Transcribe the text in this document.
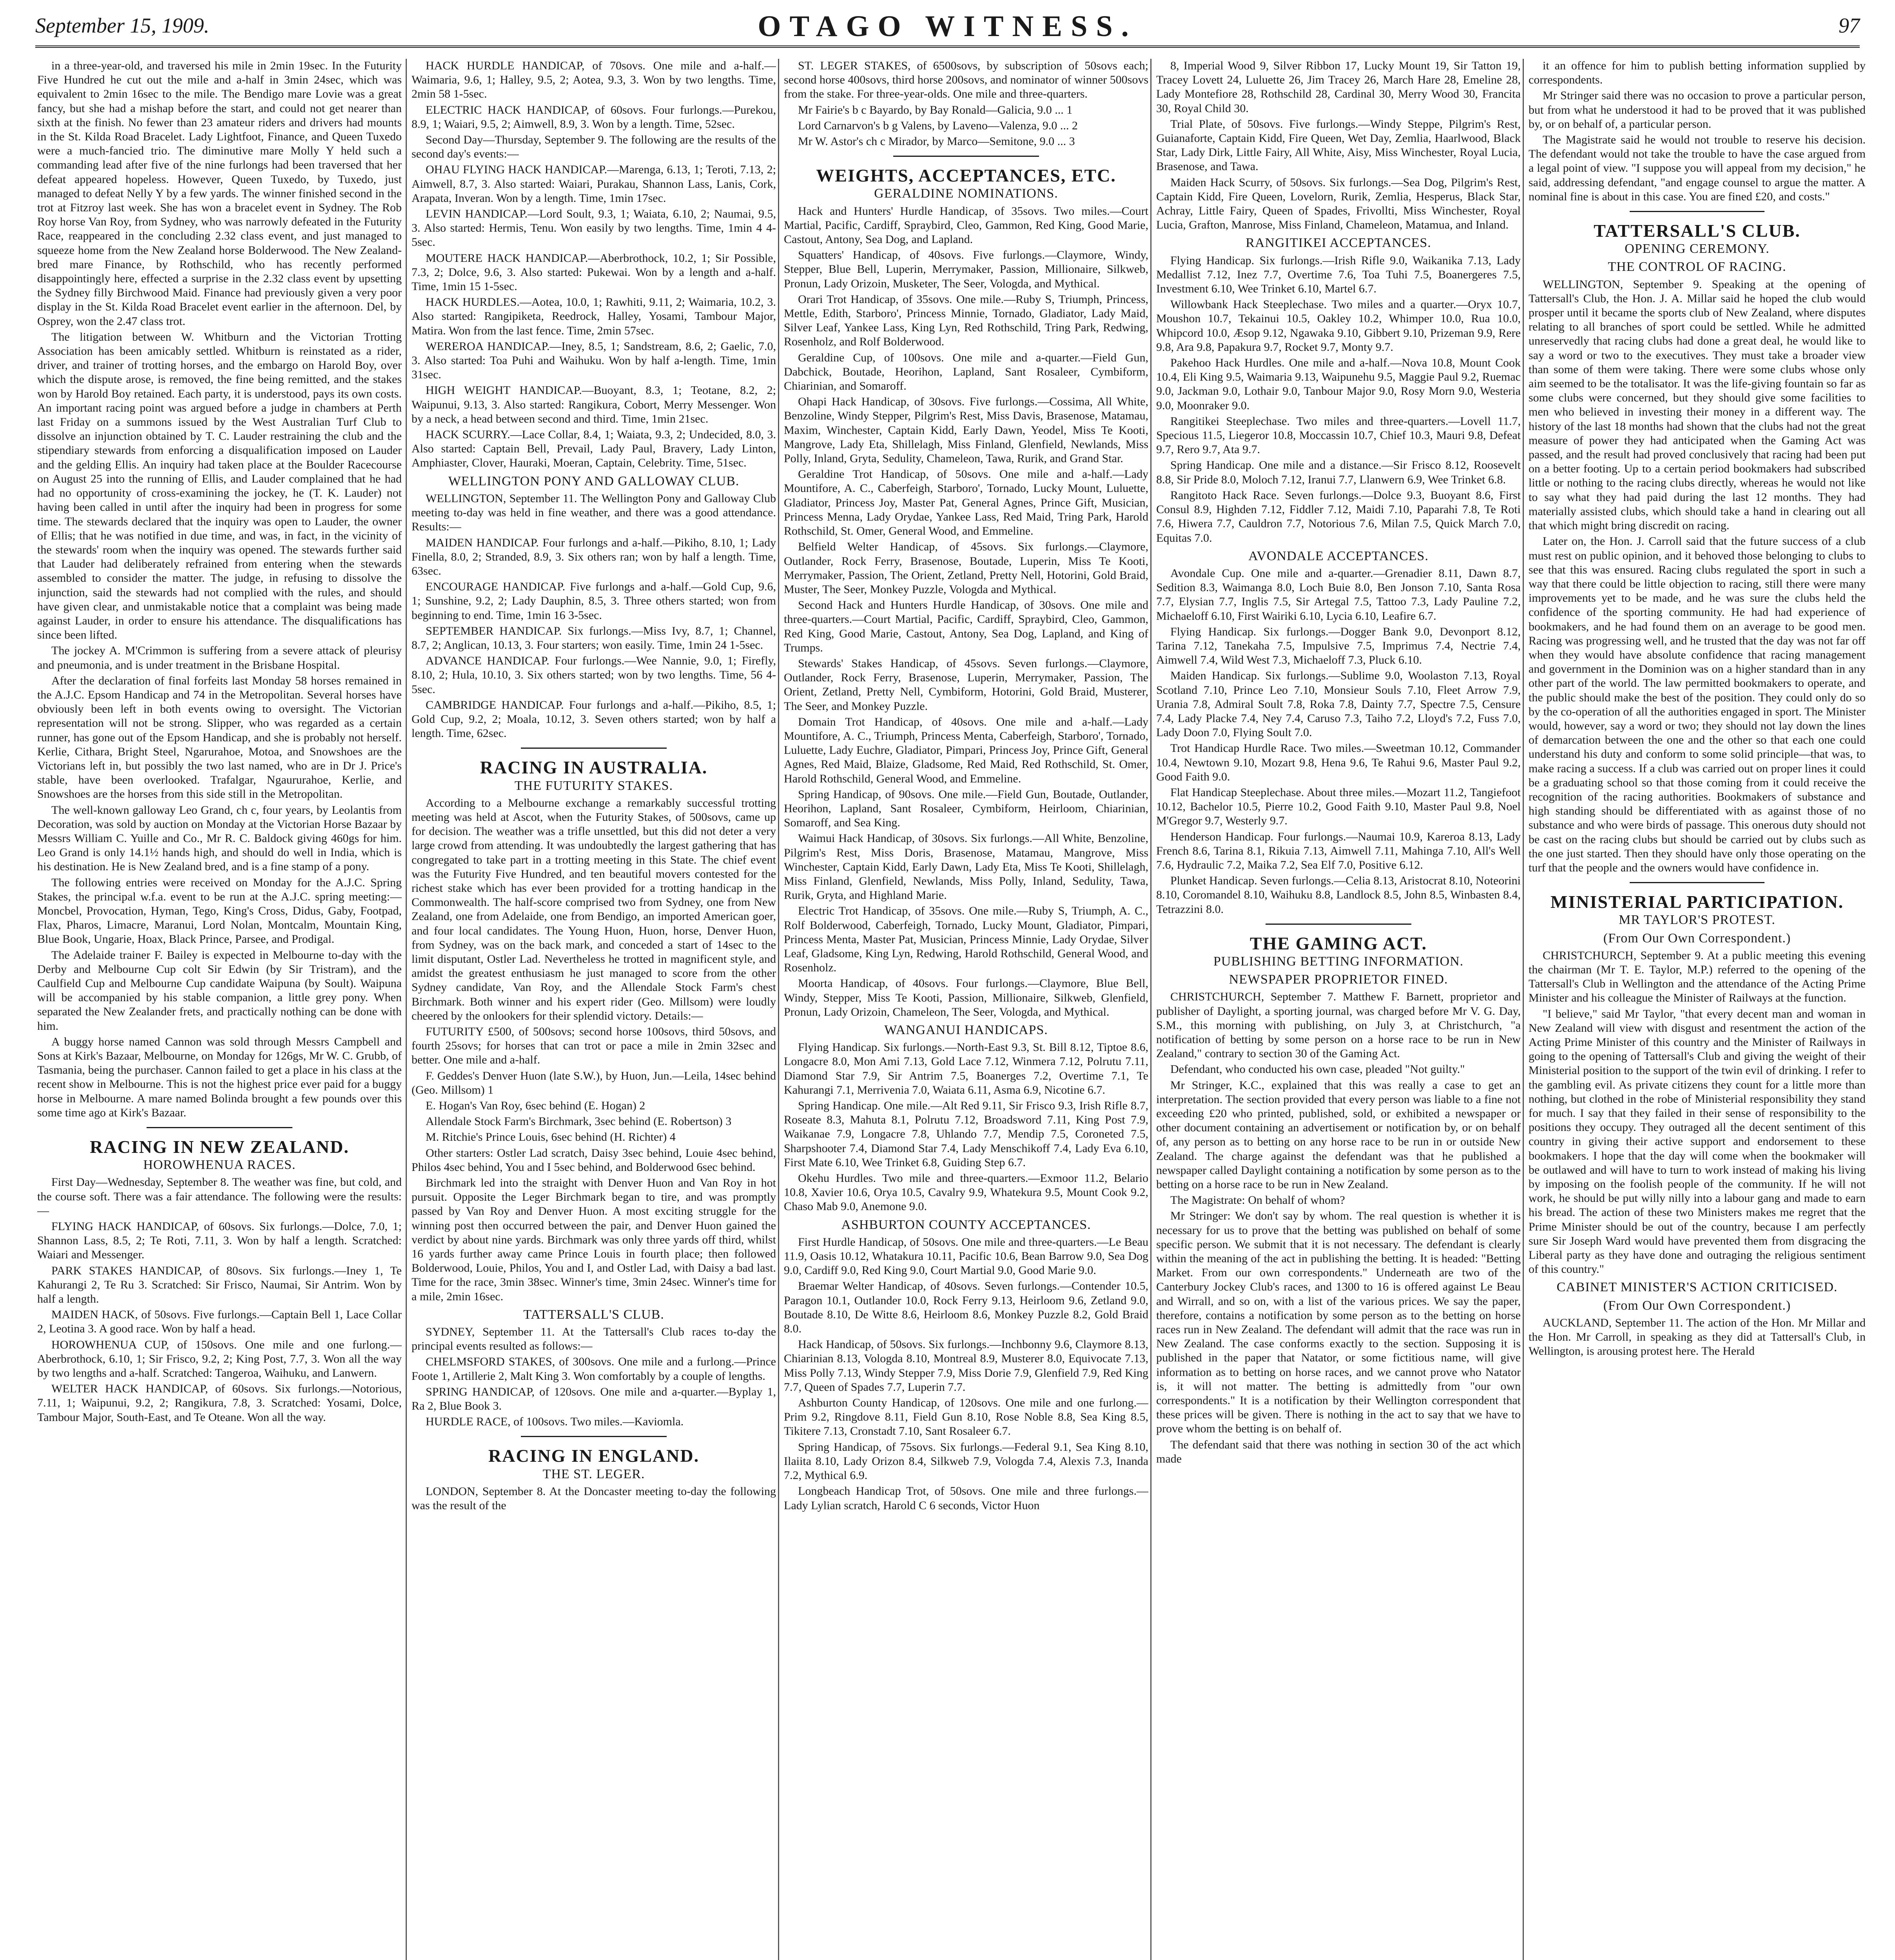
September 15, 1909.	OTAGO WITNESS.	97

in a three-year-old, and traversed his mile in 2min 19sec. In the Futurity Five Hundred he cut out the mile and a-half in 3min 24sec, which was equivalent to 2min 16sec to the mile. The Bendigo mare Lovie was a great fancy, but she had a mishap before the start, and could not get nearer than sixth at the finish. No fewer than 23 amateur riders and drivers had mounts in the St. Kilda Road Bracelet. Lady Lightfoot, Finance, and Queen Tuxedo were a much-fancied trio. The diminutive mare Molly Y held such a commanding lead after five of the nine furlongs had been traversed that her defeat appeared hopeless. However, Queen Tuxedo, by Tuxedo, just managed to defeat Nelly Y by a few yards. The winner finished second in the trot at Fitzroy last week. She has won a bracelet event in Sydney. The Rob Roy horse Van Roy, from Sydney, who was narrowly defeated in the Futurity Race, reappeared in the concluding 2.32 class event, and just managed to squeeze home from the New Zealand horse Bolderwood. The New Zealand-bred mare Finance, by Rothschild, who has recently performed disappointingly here, effected a surprise in the 2.32 class event by upsetting the Sydney filly Birchwood Maid. Finance had previously given a very poor display in the St. Kilda Road Bracelet event earlier in the afternoon. Del, by Osprey, won the 2.47 class trot.

The litigation between W. Whitburn and the Victorian Trotting Association has been amicably settled. Whitburn is reinstated as a rider, driver, and trainer of trotting horses, and the embargo on Harold Boy, over which the dispute arose, is removed, the fine being remitted, and the stakes won by Harold Boy retained. Each party, it is understood, pays its own costs. An important racing point was argued before a judge in chambers at Perth last Friday on a summons issued by the West Australian Turf Club to dissolve an injunction obtained by T. C. Lauder restraining the club and the stipendiary stewards from enforcing a disqualification imposed on Lauder and the gelding Ellis. An inquiry had taken place at the Boulder Racecourse on August 25 into the running of Ellis, and Lauder complained that he had had no opportunity of cross-examining the jockey, he (T. K. Lauder) not having been called in until after the inquiry had been in progress for some time. The stewards declared that the inquiry was open to Lauder, the owner of Ellis; that he was notified in due time, and was, in fact, in the vicinity of the stewards' room when the inquiry was opened. The stewards further said that Lauder had deliberately refrained from entering when the stewards assembled to consider the matter. The judge, in refusing to dissolve the injunction, said the stewards had not complied with the rules, and should have given clear, and unmistakable notice that a complaint was being made against Lauder, in order to ensure his attendance. The disqualifications has since been lifted.

The jockey A. M'Crimmon is suffering from a severe attack of pleurisy and pneumonia, and is under treatment in the Brisbane Hospital.

After the declaration of final forfeits last Monday 58 horses remained in the A.J.C. Epsom Handicap and 74 in the Metropolitan. Several horses have obviously been left in both events owing to oversight. The Victorian representation will not be strong. Slipper, who was regarded as a certain runner, has gone out of the Epsom Handicap, and she is probably not herself. Kerlie, Cithara, Bright Steel, Ngarurahoe, Motoa, and Snowshoes are the Victorians left in, but possibly the two last named, who are in Dr J. Price's stable, have been overlooked. Trafalgar, Ngaururahoe, Kerlie, and Snowshoes are the horses from this side still in the Metropolitan.

The well-known galloway Leo Grand, ch c, four years, by Leolantis from Decoration, was sold by auction on Monday at the Victorian Horse Bazaar by Messrs William C. Yuille and Co., Mr R. C. Baldock giving 460gs for him. Leo Grand is only 14.1½ hands high, and should do well in India, which is his destination. He is New Zealand bred, and is a fine stamp of a pony.

The following entries were received on Monday for the A.J.C. Spring Stakes, the principal w.f.a. event to be run at the A.J.C. spring meeting:—Moncbel, Provocation, Hyman, Tego, King's Cross, Didus, Gaby, Footpad, Flax, Pharos, Limacre, Maranui, Lord Nolan, Montcalm, Mountain King, Blue Book, Ungarie, Hoax, Black Prince, Parsee, and Prodigal.

The Adelaide trainer F. Bailey is expected in Melbourne to-day with the Derby and Melbourne Cup colt Sir Edwin (by Sir Tristram), and the Caulfield Cup and Melbourne Cup candidate Waipuna (by Soult). Waipuna will be accompanied by his stable companion, a little grey pony. When separated the New Zealander frets, and practically nothing can be done with him.

A buggy horse named Cannon was sold through Messrs Campbell and Sons at Kirk's Bazaar, Melbourne, on Monday for 126gs, Mr W. C. Grubb, of Tasmania, being the purchaser. Cannon failed to get a place in his class at the recent show in Melbourne. This is not the highest price ever paid for a buggy horse in Melbourne. A mare named Bolinda brought a few pounds over this some time ago at Kirk's Bazaar.

RACING IN NEW ZEALAND.
HOROWHENUA RACES.

First Day—Wednesday, September 8. The weather was fine, but cold, and the course soft. There was a fair attendance. The following were the results:—

FLYING HACK HANDICAP, of 60sovs. Six furlongs.—Dolce, 7.0, 1; Shannon Lass, 8.5, 2; Te Roti, 7.11, 3. Won by half a length. Scratched: Waiari and Messenger.

PARK STAKES HANDICAP, of 80sovs. Six furlongs.—Iney 1, Te Kahurangi 2, Te Ru 3. Scratched: Sir Frisco, Naumai, Sir Antrim. Won by half a length.

MAIDEN HACK, of 50sovs. Five furlongs.—Captain Bell 1, Lace Collar 2, Leotina 3. A good race. Won by half a head.

HOROWHENUA CUP, of 150sovs. One mile and one furlong.—Aberbrothock, 6.10, 1; Sir Frisco, 9.2, 2; King Post, 7.7, 3. Won all the way by two lengths and a-half. Scratched: Tangeroa, Waihuku, and Lanwern.

WELTER HACK HANDICAP, of 60sovs. Six furlongs.—Notorious, 7.11, 1; Waipunui, 9.2, 2; Rangikura, 7.8, 3. Scratched: Yosami, Dolce, Tambour Major, South-East, and Te Oteane. Won all the way.

HACK HURDLE HANDICAP, of 70sovs. One mile and a-half.—Waimaria, 9.6, 1; Halley, 9.5, 2; Aotea, 9.3, 3. Won by two lengths. Time, 2min 58 1-5sec.

ELECTRIC HACK HANDICAP, of 60sovs. Four furlongs.—Purekou, 8.9, 1; Waiari, 9.5, 2; Aimwell, 8.9, 3. Won by a length. Time, 52sec.

Second Day—Thursday, September 9. The following are the results of the second day's events:—

OHAU FLYING HACK HANDICAP.—Marenga, 6.13, 1; Teroti, 7.13, 2; Aimwell, 8.7, 3. Also started: Waiari, Purakau, Shannon Lass, Lanis, Cork, Arapata, Inveran. Won by a length. Time, 1min 17sec.

LEVIN HANDICAP.—Lord Soult, 9.3, 1; Waiata, 6.10, 2; Naumai, 9.5, 3. Also started: Hermis, Tenu. Won easily by two lengths. Time, 1min 4 4-5sec.

MOUTERE HACK HANDICAP.—Aberbrothock, 10.2, 1; Sir Possible, 7.3, 2; Dolce, 9.6, 3. Also started: Pukewai. Won by a length and a-half. Time, 1min 15 1-5sec.

HACK HURDLES.—Aotea, 10.0, 1; Rawhiti, 9.11, 2; Waimaria, 10.2, 3. Also started: Rangipiketa, Reedrock, Halley, Yosami, Tambour Major, Matira. Won from the last fence. Time, 2min 57sec.

WEREROA HANDICAP.—Iney, 8.5, 1; Sandstream, 8.6, 2; Gaelic, 7.0, 3. Also started: Toa Puhi and Waihuku. Won by half a-length. Time, 1min 31sec.

HIGH WEIGHT HANDICAP.—Buoyant, 8.3, 1; Teotane, 8.2, 2; Waipunui, 9.13, 3. Also started: Rangikura, Cobort, Merry Messenger. Won by a neck, a head between second and third. Time, 1min 21sec.

HACK SCURRY.—Lace Collar, 8.4, 1; Waiata, 9.3, 2; Undecided, 8.0, 3. Also started: Captain Bell, Prevail, Lady Paul, Bravery, Lady Linton, Amphiaster, Clover, Hauraki, Moeran, Captain, Celebrity. Time, 51sec.

WELLINGTON PONY AND GALLOWAY CLUB.

WELLINGTON, September 11. The Wellington Pony and Galloway Club meeting to-day was held in fine weather, and there was a good attendance. Results:—

MAIDEN HANDICAP. Four furlongs and a-half.—Pikiho, 8.10, 1; Lady Finella, 8.0, 2; Stranded, 8.9, 3. Six others ran; won by half a length. Time, 63sec.

ENCOURAGE HANDICAP. Five furlongs and a-half.—Gold Cup, 9.6, 1; Sunshine, 9.2, 2; Lady Dauphin, 8.5, 3. Three others started; won from beginning to end. Time, 1min 16 3-5sec.

SEPTEMBER HANDICAP. Six furlongs.—Miss Ivy, 8.7, 1; Channel, 8.7, 2; Anglican, 10.13, 3. Four starters; won easily. Time, 1min 24 1-5sec.

ADVANCE HANDICAP. Four furlongs.—Wee Nannie, 9.0, 1; Firefly, 8.10, 2; Hula, 10.10, 3. Six others started; won by two lengths. Time, 56 4-5sec.

CAMBRIDGE HANDICAP. Four furlongs and a-half.—Pikiho, 8.5, 1; Gold Cup, 9.2, 2; Moala, 10.12, 3. Seven others started; won by half a length. Time, 62sec.

RACING IN AUSTRALIA.
THE FUTURITY STAKES.

According to a Melbourne exchange a remarkably successful trotting meeting was held at Ascot, when the Futurity Stakes, of 500sovs, came up for decision. The weather was a trifle unsettled, but this did not deter a very large crowd from attending. It was undoubtedly the largest gathering that has congregated to take part in a trotting meeting in this State. The chief event was the Futurity Five Hundred, and ten beautiful movers contested for the richest stake which has ever been provided for a trotting handicap in the Commonwealth. The half-score comprised two from Sydney, one from New Zealand, one from Adelaide, one from Bendigo, an imported American goer, and four local candidates. The Young Huon, Huon, horse, Denver Huon, from Sydney, was on the back mark, and conceded a start of 14sec to the limit disputant, Ostler Lad. Nevertheless he trotted in magnificent style, and amidst the greatest enthusiasm he just managed to score from the other Sydney candidate, Van Roy, and the Allendale Stock Farm's chest Birchmark. Both winner and his expert rider (Geo. Millsom) were loudly cheered by the onlookers for their splendid victory. Details:—

FUTURITY £500, of 500sovs; second horse 100sovs, third 50sovs, and fourth 25sovs; for horses that can trot or pace a mile in 2min 32sec and better. One mile and a-half.

F. Geddes's Denver Huon (late S.W.), by Huon, Jun.—Leila, 14sec behind (Geo. Millsom) 1

E. Hogan's Van Roy, 6sec behind (E. Hogan) 2

Allendale Stock Farm's Birchmark, 3sec behind (E. Robertson) 3

M. Ritchie's Prince Louis, 6sec behind (H. Richter) 4

Other starters: Ostler Lad scratch, Daisy 3sec behind, Louie 4sec behind, Philos 4sec behind, You and I 5sec behind, and Bolderwood 6sec behind.

Birchmark led into the straight with Denver Huon and Van Roy in hot pursuit. Opposite the Leger Birchmark began to tire, and was promptly passed by Van Roy and Denver Huon. A most exciting struggle for the winning post then occurred between the pair, and Denver Huon gained the verdict by about nine yards. Birchmark was only three yards off third, whilst 16 yards further away came Prince Louis in fourth place; then followed Bolderwood, Louie, Philos, You and I, and Ostler Lad, with Daisy a bad last. Time for the race, 3min 38sec. Winner's time, 3min 24sec. Winner's time for a mile, 2min 16sec.

TATTERSALL'S CLUB.

SYDNEY, September 11. At the Tattersall's Club races to-day the principal events resulted as follows:—

CHELMSFORD STAKES, of 300sovs. One mile and a furlong.—Prince Foote 1, Artillerie 2, Malt King 3. Won comfortably by a couple of lengths.

SPRING HANDICAP, of 120sovs. One mile and a-quarter.—Byplay 1, Ra 2, Blue Book 3.

HURDLE RACE, of 100sovs. Two miles.—Kaviomla.

RACING IN ENGLAND.
THE ST. LEGER.

LONDON, September 8. At the Doncaster meeting to-day the following was the result of the

ST. LEGER STAKES, of 6500sovs, by subscription of 50sovs each; second horse 400sovs, third horse 200sovs, and nominator of winner 500sovs from the stake. For three-year-olds. One mile and three-quarters.

Mr Fairie's b c Bayardo, by Bay Ronald—Galicia, 9.0 ... 1

Lord Carnarvon's b g Valens, by Laveno—Valenza, 9.0 ... 2

Mr W. Astor's ch c Mirador, by Marco—Semitone, 9.0 ... 3

WEIGHTS, ACCEPTANCES, ETC.
GERALDINE NOMINATIONS.

Hack and Hunters' Hurdle Handicap, of 35sovs. Two miles.—Court Martial, Pacific, Cardiff, Spraybird, Cleo, Gammon, Red King, Good Marie, Castout, Antony, Sea Dog, and Lapland.

Squatters' Handicap, of 40sovs. Five furlongs.—Claymore, Windy, Stepper, Blue Bell, Luperin, Merrymaker, Passion, Millionaire, Silkweb, Pronun, Lady Orizoin, Musketer, The Seer, Vologda, and Mythical.

Orari Trot Handicap, of 35sovs. One mile.—Ruby S, Triumph, Princess, Mettle, Edith, Starboro', Princess Minnie, Tornado, Gladiator, Lady Maid, Silver Leaf, Yankee Lass, King Lyn, Red Rothschild, Tring Park, Redwing, Rosenholz, and Rolf Bolderwood.

Geraldine Cup, of 100sovs. One mile and a-quarter.—Field Gun, Dabchick, Boutade, Heorihon, Lapland, Sant Rosaleer, Cymbiform, Chiarinian, and Somaroff.

Ohapi Hack Handicap, of 30sovs. Five furlongs.—Cossima, All White, Benzoline, Windy Stepper, Pilgrim's Rest, Miss Davis, Brasenose, Matamau, Maxim, Winchester, Captain Kidd, Early Dawn, Yeodel, Miss Te Kooti, Mangrove, Lady Eta, Shillelagh, Miss Finland, Glenfield, Newlands, Miss Polly, Inland, Gryta, Sedulity, Chameleon, Tawa, Rurik, and Grand Star.

Geraldine Trot Handicap, of 50sovs. One mile and a-half.—Lady Mountifore, A. C., Caberfeigh, Starboro', Tornado, Lucky Mount, Luluette, Gladiator, Princess Joy, Master Pat, General Agnes, Prince Gift, Musician, Princess Menna, Lady Orydae, Yankee Lass, Red Maid, Tring Park, Harold Rothschild, St. Omer, General Wood, and Emmeline.

Belfield Welter Handicap, of 45sovs. Six furlongs.—Claymore, Outlander, Rock Ferry, Brasenose, Boutade, Luperin, Miss Te Kooti, Merrymaker, Passion, The Orient, Zetland, Pretty Nell, Hotorini, Gold Braid, Muster, The Seer, Monkey Puzzle, Vologda and Mythical.

Second Hack and Hunters Hurdle Handicap, of 30sovs. One mile and three-quarters.—Court Martial, Pacific, Cardiff, Spraybird, Cleo, Gammon, Red King, Good Marie, Castout, Antony, Sea Dog, Lapland, and King of Trumps.

Stewards' Stakes Handicap, of 45sovs. Seven furlongs.—Claymore, Outlander, Rock Ferry, Brasenose, Luperin, Merrymaker, Passion, The Orient, Zetland, Pretty Nell, Cymbiform, Hotorini, Gold Braid, Musterer, The Seer, and Monkey Puzzle.

Domain Trot Handicap, of 40sovs. One mile and a-half.—Lady Mountifore, A. C., Triumph, Princess Menta, Caberfeigh, Starboro', Tornado, Luluette, Lady Euchre, Gladiator, Pimpari, Princess Joy, Prince Gift, General Agnes, Red Maid, Blaize, Gladsome, Red Maid, Red Rothschild, St. Omer, Harold Rothschild, General Wood, and Emmeline.

Spring Handicap, of 90sovs. One mile.—Field Gun, Boutade, Outlander, Heorihon, Lapland, Sant Rosaleer, Cymbiform, Heirloom, Chiarinian, Somaroff, and Sea King.

Waimui Hack Handicap, of 30sovs. Six furlongs.—All White, Benzoline, Pilgrim's Rest, Miss Doris, Brasenose, Matamau, Mangrove, Miss Winchester, Captain Kidd, Early Dawn, Lady Eta, Miss Te Kooti, Shillelagh, Miss Finland, Glenfield, Newlands, Miss Polly, Inland, Sedulity, Tawa, Rurik, Gryta, and Highland Marie.

Electric Trot Handicap, of 35sovs. One mile.—Ruby S, Triumph, A. C., Rolf Bolderwood, Caberfeigh, Tornado, Lucky Mount, Gladiator, Pimpari, Princess Menta, Master Pat, Musician, Princess Minnie, Lady Orydae, Silver Leaf, Gladsome, King Lyn, Redwing, Harold Rothschild, General Wood, and Rosenholz.

Moorta Handicap, of 40sovs. Four furlongs.—Claymore, Blue Bell, Windy, Stepper, Miss Te Kooti, Passion, Millionaire, Silkweb, Glenfield, Pronun, Lady Orizoin, Chameleon, The Seer, Vologda, and Mythical.

WANGANUI HANDICAPS.

Flying Handicap. Six furlongs.—North-East 9.3, St. Bill 8.12, Tiptoe 8.6, Longacre 8.0, Mon Ami 7.13, Gold Lace 7.12, Winmera 7.12, Polrutu 7.11, Diamond Star 7.9, Sir Antrim 7.5, Boanerges 7.2, Overtime 7.1, Te Kahurangi 7.1, Merrivenia 7.0, Waiata 6.11, Asma 6.9, Nicotine 6.7.

Spring Handicap. One mile.—Alt Red 9.11, Sir Frisco 9.3, Irish Rifle 8.7, Roseate 8.3, Mahuta 8.1, Polrutu 7.12, Broadsword 7.11, King Post 7.9, Waikanae 7.9, Longacre 7.8, Uhlando 7.7, Mendip 7.5, Coroneted 7.5, Sharpshooter 7.4, Diamond Star 7.4, Lady Menschikoff 7.4, Lady Eva 6.10, First Mate 6.10, Wee Trinket 6.8, Guiding Step 6.7.

Okehu Hurdles. Two mile and three-quarters.—Exmoor 11.2, Belario 10.8, Xavier 10.6, Orya 10.5, Cavalry 9.9, Whatekura 9.5, Mount Cook 9.2, Chaso Mab 9.0, Anemone 9.0.

ASHBURTON COUNTY ACCEPTANCES.

First Hurdle Handicap, of 50sovs. One mile and three-quarters.—Le Beau 11.9, Oasis 10.12, Whatakura 10.11, Pacific 10.6, Bean Barrow 9.0, Sea Dog 9.0, Cardiff 9.0, Red King 9.0, Court Martial 9.0, Good Marie 9.0.

Braemar Welter Handicap, of 40sovs. Seven furlongs.—Contender 10.5, Paragon 10.1, Outlander 10.0, Rock Ferry 9.13, Heirloom 9.6, Zetland 9.0, Boutade 8.10, De Witte 8.6, Heirloom 8.6, Monkey Puzzle 8.2, Gold Braid 8.0.

Hack Handicap, of 50sovs. Six furlongs.—Inchbonny 9.6, Claymore 8.13, Chiarinian 8.13, Vologda 8.10, Montreal 8.9, Musterer 8.0, Equivocate 7.13, Miss Polly 7.13, Windy Stepper 7.9, Miss Dorie 7.9, Glenfield 7.9, Red King 7.7, Queen of Spades 7.7, Luperin 7.7.

Ashburton County Handicap, of 120sovs. One mile and one furlong.—Prim 9.2, Ringdove 8.11, Field Gun 8.10, Rose Noble 8.8, Sea King 8.5, Tikitere 7.13, Cronstadt 7.10, Sant Rosaleer 6.7.

Spring Handicap, of 75sovs. Six furlongs.—Federal 9.1, Sea King 8.10, Ilaiita 8.10, Lady Orizon 8.4, Silkweb 7.9, Vologda 7.4, Alexis 7.3, Inanda 7.2, Mythical 6.9.

Longbeach Handicap Trot, of 50sovs. One mile and three furlongs.—Lady Lylian scratch, Harold C 6 seconds, Victor Huon

8, Imperial Wood 9, Silver Ribbon 17, Lucky Mount 19, Sir Tatton 19, Tracey Lovett 24, Luluette 26, Jim Tracey 26, March Hare 28, Emeline 28, Lady Montefiore 28, Rothschild 28, Cardinal 30, Merry Wood 30, Francita 30, Royal Child 30.

Trial Plate, of 50sovs. Five furlongs.—Windy Steppe, Pilgrim's Rest, Guianaforte, Captain Kidd, Fire Queen, Wet Day, Zemlia, Haarlwood, Black Star, Lady Dirk, Little Fairy, All White, Aisy, Miss Winchester, Royal Lucia, Brasenose, and Tawa.

Maiden Hack Scurry, of 50sovs. Six furlongs.—Sea Dog, Pilgrim's Rest, Captain Kidd, Fire Queen, Lovelorn, Rurik, Zemlia, Hesperus, Black Star, Achray, Little Fairy, Queen of Spades, Frivollti, Miss Winchester, Royal Lucia, Grafton, Manrose, Miss Finland, Chameleon, Matamua, and Inland.

RANGITIKEI ACCEPTANCES.

Flying Handicap. Six furlongs.—Irish Rifle 9.0, Waikanika 7.13, Lady Medallist 7.12, Inez 7.7, Overtime 7.6, Toa Tuhi 7.5, Boanergeres 7.5, Investment 6.10, Wee Trinket 6.10, Martel 6.7.

Willowbank Hack Steeplechase. Two miles and a quarter.—Oryx 10.7, Moushon 10.7, Tekainui 10.5, Oakley 10.2, Whimper 10.0, Rua 10.0, Whipcord 10.0, Æsop 9.12, Ngawaka 9.10, Gibbert 9.10, Prizeman 9.9, Rere 9.8, Ara 9.8, Papakura 9.7, Rocket 9.7, Monty 9.7.

Pakehoo Hack Hurdles. One mile and a-half.—Nova 10.8, Mount Cook 10.4, Eli King 9.5, Waimaria 9.13, Waipunehu 9.5, Maggie Paul 9.2, Ruemac 9.0, Jackman 9.0, Lothair 9.0, Tanbour Major 9.0, Rosy Morn 9.0, Westeria 9.0, Moonraker 9.0.

Rangitikei Steeplechase. Two miles and three-quarters.—Lovell 11.7, Specious 11.5, Liegeror 10.8, Moccassin 10.7, Chief 10.3, Mauri 9.8, Defeat 9.7, Rero 9.7, Ata 9.7.

Spring Handicap. One mile and a distance.—Sir Frisco 8.12, Roosevelt 8.8, Sir Pride 8.0, Moloch 7.12, Iranui 7.7, Llanwern 6.9, Wee Trinket 6.8.

Rangitoto Hack Race. Seven furlongs.—Dolce 9.3, Buoyant 8.6, First Consul 8.9, Highden 7.12, Fiddler 7.12, Maidi 7.10, Paparahi 7.8, Te Roti 7.6, Hiwera 7.7, Cauldron 7.7, Notorious 7.6, Milan 7.5, Quick March 7.0, Equitas 7.0.

AVONDALE ACCEPTANCES.

Avondale Cup. One mile and a-quarter.—Grenadier 8.11, Dawn 8.7, Sedition 8.3, Waimanga 8.0, Loch Buie 8.0, Ben Jonson 7.10, Santa Rosa 7.7, Elysian 7.7, Inglis 7.5, Sir Artegal 7.5, Tattoo 7.3, Lady Pauline 7.2, Michaeloff 6.10, First Wairiki 6.10, Lycia 6.10, Leafire 6.7.

Flying Handicap. Six furlongs.—Dogger Bank 9.0, Devonport 8.12, Tarina 7.12, Tanekaha 7.5, Impulsive 7.5, Imprimus 7.4, Nectrie 7.4, Aimwell 7.4, Wild West 7.3, Michaeloff 7.3, Pluck 6.10.

Maiden Handicap. Six furlongs.—Sublime 9.0, Woolaston 7.13, Royal Scotland 7.10, Prince Leo 7.10, Monsieur Souls 7.10, Fleet Arrow 7.9, Urania 7.8, Admiral Soult 7.8, Roka 7.8, Dainty 7.7, Spectre 7.5, Censure 7.4, Lady Placke 7.4, Ney 7.4, Caruso 7.3, Taiho 7.2, Lloyd's 7.2, Fuss 7.0, Lady Doon 7.0, Flying Soult 7.0.

Trot Handicap Hurdle Race. Two miles.—Sweetman 10.12, Commander 10.4, Newtown 9.10, Mozart 9.8, Hena 9.6, Te Rahui 9.6, Master Paul 9.2, Good Faith 9.0.

Flat Handicap Steeplechase. About three miles.—Mozart 11.2, Tangiefoot 10.12, Bachelor 10.5, Pierre 10.2, Good Faith 9.10, Master Paul 9.8, Noel M'Gregor 9.7, Westerly 9.7.

Henderson Handicap. Four furlongs.—Naumai 10.9, Kareroa 8.13, Lady French 8.6, Tarina 8.1, Rikuia 7.13, Aimwell 7.11, Mahinga 7.10, All's Well 7.6, Hydraulic 7.2, Maika 7.2, Sea Elf 7.0, Positive 6.12.

Plunket Handicap. Seven furlongs.—Celia 8.13, Aristocrat 8.10, Noteorini 8.10, Coromandel 8.10, Waihuku 8.8, Landlock 8.5, John 8.5, Winbasten 8.4, Tetrazzini 8.0.

THE GAMING ACT.
PUBLISHING BETTING INFORMATION.
NEWSPAPER PROPRIETOR FINED.

CHRISTCHURCH, September 7. Matthew F. Barnett, proprietor and publisher of Daylight, a sporting journal, was charged before Mr V. G. Day, S.M., this morning with publishing, on July 3, at Christchurch, "a notification of betting by some person on a horse race to be run in New Zealand," contrary to section 30 of the Gaming Act.

Defendant, who conducted his own case, pleaded "Not guilty."

Mr Stringer, K.C., explained that this was really a case to get an interpretation. The section provided that every person was liable to a fine not exceeding £20 who printed, published, sold, or exhibited a newspaper or other document containing an advertisement or notification by, or on behalf of, any person as to betting on any horse race to be run in or outside New Zealand. The charge against the defendant was that he published a newspaper called Daylight containing a notification by some person as to the betting on a horse race to be run in New Zealand.

The Magistrate: On behalf of whom?

Mr Stringer: We don't say by whom. The real question is whether it is necessary for us to prove that the betting was published on behalf of some specific person. We submit that it is not necessary. The defendant is clearly within the meaning of the act in publishing the betting. It is headed: "Betting Market. From our own correspondents." Underneath are two of the Canterbury Jockey Club's races, and 1300 to 16 is offered against Le Beau and Wirrall, and so on, with a list of the various prices. We say the paper, therefore, contains a notification by some person as to the betting on horse races run in New Zealand. The defendant will admit that the race was run in New Zealand. The case conforms exactly to the section. Supposing it is published in the paper that Natator, or some fictitious name, will give information as to betting on horse races, and we cannot prove who Natator is, it will not matter. The betting is admittedly from "our own correspondents." It is a notification by their Wellington correspondent that these prices will be given. There is nothing in the act to say that we have to prove whom the betting is on behalf of.

The defendant said that there was nothing in section 30 of the act which made

it an offence for him to publish betting information supplied by correspondents.

Mr Stringer said there was no occasion to prove a particular person, but from what he understood it had to be proved that it was published by, or on behalf of, a particular person.

The Magistrate said he would not trouble to reserve his decision. The defendant would not take the trouble to have the case argued from a legal point of view. "I suppose you will appeal from my decision," he said, addressing defendant, "and engage counsel to argue the matter. A nominal fine is about in this case. You are fined £20, and costs."

TATTERSALL'S CLUB.
OPENING CEREMONY.
THE CONTROL OF RACING.

WELLINGTON, September 9. Speaking at the opening of Tattersall's Club, the Hon. J. A. Millar said he hoped the club would prosper until it became the sports club of New Zealand, where disputes relating to all branches of sport could be settled. While he admitted unreservedly that racing clubs had done a great deal, he would like to say a word or two to the executives. They must take a broader view than some of them were taking. There were some clubs whose only aim seemed to be the totalisator. It was the life-giving fountain so far as some clubs were concerned, but they should give some facilities to men who believed in investing their money in a different way. The history of the last 18 months had shown that the clubs had not the great measure of power they had anticipated when the Gaming Act was passed, and the result had proved conclusively that racing had been put on a better footing. Up to a certain period bookmakers had subscribed little or nothing to the racing clubs directly, whereas he would not like to say what they had paid during the last 12 months. They had materially assisted clubs, which should take a hand in clearing out all that which might bring discredit on racing.

Later on, the Hon. J. Carroll said that the future success of a club must rest on public opinion, and it behoved those belonging to clubs to see that this was ensured. Racing clubs regulated the sport in such a way that there could be little objection to racing, still there were many improvements yet to be made, and he was sure the clubs held the confidence of the sporting community. He had had experience of bookmakers, and he had found them on an average to be good men. Racing was progressing well, and he trusted that the day was not far off when they would have absolute confidence that racing management and government in the Dominion was on a higher standard than in any other part of the world. The law permitted bookmakers to operate, and the public should make the best of the position. They could only do so by the co-operation of all the authorities engaged in sport. The Minister would, however, say a word or two; they should not lay down the lines of demarcation between the one and the other so that each one could understand his duty and conform to some solid principle—that was, to make racing a success. If a club was carried out on proper lines it could be a graduating school so that those coming from it could receive the recognition of the racing authorities. Bookmakers of substance and high standing should be differentiated with as against those of no substance and who were birds of passage. This onerous duty should not be cast on the racing clubs but should be carried out by clubs such as the one just started. Then they should have only those operating on the turf that the people and the owners would have confidence in.

MINISTERIAL PARTICIPATION.
MR TAYLOR'S PROTEST.
(From Our Own Correspondent.)

CHRISTCHURCH, September 9. At a public meeting this evening the chairman (Mr T. E. Taylor, M.P.) referred to the opening of the Tattersall's Club in Wellington and the attendance of the Acting Prime Minister and his colleague the Minister of Railways at the function.

"I believe," said Mr Taylor, "that every decent man and woman in New Zealand will view with disgust and resentment the action of the Acting Prime Minister of this country and the Minister of Railways in going to the opening of Tattersall's Club and giving the weight of their Ministerial position to the support of the twin evil of drinking. I refer to the gambling evil. As private citizens they count for a little more than nothing, but clothed in the robe of Ministerial responsibility they stand for much. I say that they failed in their sense of responsibility to the positions they occupy. They outraged all the decent sentiment of this country in giving their active support and endorsement to these bookmakers. I hope that the day will come when the bookmaker will be outlawed and will have to turn to work instead of making his living by imposing on the foolish people of the community. If he will not work, he should be put willy nilly into a labour gang and made to earn his bread. The action of these two Ministers makes me regret that the Prime Minister should be out of the country, because I am perfectly sure Sir Joseph Ward would have prevented them from disgracing the Liberal party as they have done and outraging the religious sentiment of this country."

CABINET MINISTER'S ACTION CRITICISED.
(From Our Own Correspondent.)

AUCKLAND, September 11. The action of the Hon. Mr Millar and the Hon. Mr Carroll, in speaking as they did at Tattersall's Club, in Wellington, is arousing protest here. The Herald
